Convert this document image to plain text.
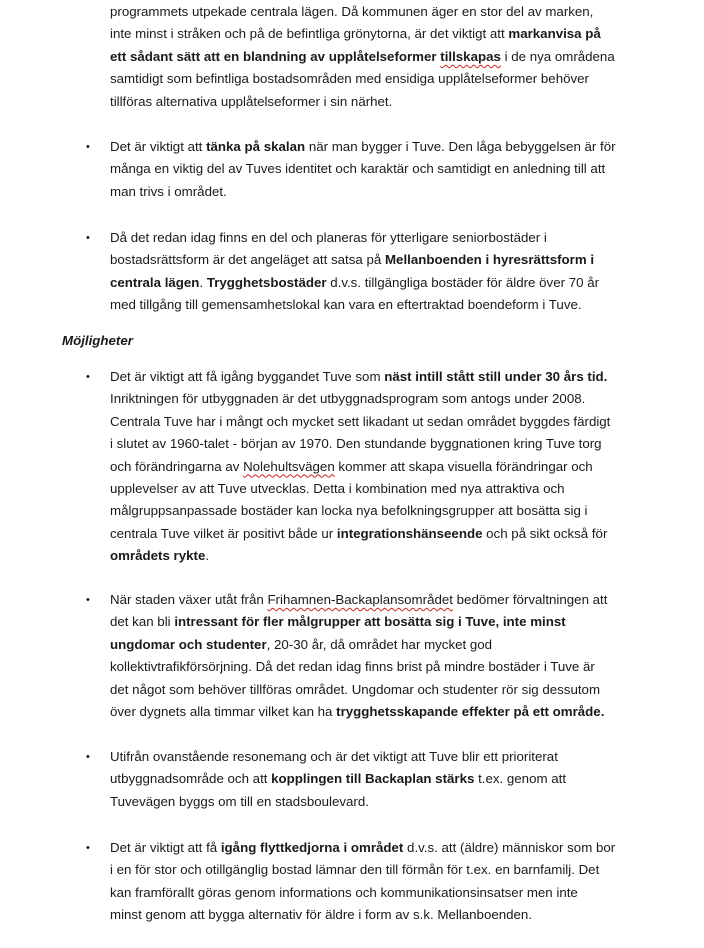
programmets utpekade centrala lägen. Då kommunen äger en stor del av marken,
inte minst i stråken och på de befintliga grönytorna, är det viktigt att markanvisa på
ett sådant sätt att en blandning av upplåtelseformer tillskapas i de nya områdena
samtidigt som befintliga bostadsområden med ensidiga upplåtelseformer behöver
tillföras alternativa upplåtelseformer i sin närhet.
•	Det är viktigt att tänka på skalan när man bygger i Tuve. Den låga bebyggelsen är för
många en viktig del av Tuves identitet och karaktär och samtidigt en anledning till att
man trivs i området.
•	Då det redan idag finns en del och planeras för ytterligare seniorbostäder i
bostadsrättsform är det angeläget att satsa på Mellanboenden i hyresrättsform i
centrala lägen. Trygghetsbostäder d.v.s. tillgängliga bostäder för äldre över 70 år
med tillgång till gemensamhetslokal kan vara en eftertraktad boendeform i Tuve.
Möjligheter
•	Det är viktigt att få igång byggandet Tuve som näst intill stått still under 30 års tid.
Inriktningen för utbyggnaden är det utbyggnadsprogram som antogs under 2008.
Centrala Tuve har i mångt och mycket sett likadant ut sedan området byggdes färdigt
i slutet av 1960-talet - början av 1970. Den stundande byggnationen kring Tuve torg
och förändringarna av Nolehultsvägen kommer att skapa visuella förändringar och
upplevelser av att Tuve utvecklas. Detta i kombination med nya attraktiva och
målgruppsanpassade bostäder kan locka nya befolkningsgrupper att bosätta sig i
centrala Tuve vilket är positivt både ur integrationshänseende och på sikt också för
områdets rykte.
•	När staden växer utåt från Frihamnen-Backaplansområdet bedömer förvaltningen att
det kan bli intressant för fler målgrupper att bosätta sig i Tuve, inte minst
ungdomar och studenter, 20-30 år, då området har mycket god
kollektivtrafikförsörjning. Då det redan idag finns brist på mindre bostäder i Tuve är
det något som behöver tillföras området. Ungdomar och studenter rör sig dessutom
över dygnets alla timmar vilket kan ha trygghetsskapande effekter på ett område.
•	Utifrån ovanstående resonemang och är det viktigt att Tuve blir ett prioriterat
utbyggnadsområde och att kopplingen till Backaplan stärks t.ex. genom att
Tuvevägen byggs om till en stadsboulevard.
•	Det är viktigt att få igång flyttkedjorna i området d.v.s. att (äldre) människor som bor
i en för stor och otillgänglig bostad lämnar den till förmån för t.ex. en barnfamilj. Det
kan framförallt göras genom informations och kommunikationsinsatser men inte
minst genom att bygga alternativ för äldre i form av s.k. Mellanboenden.
